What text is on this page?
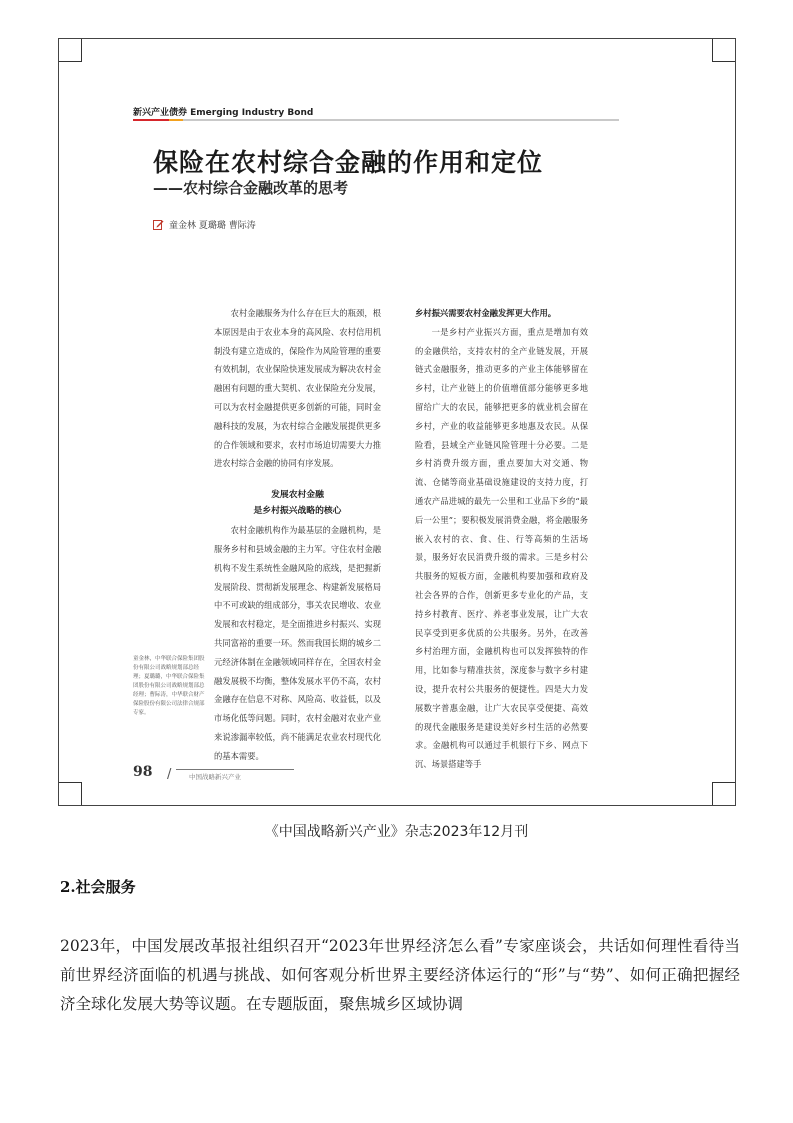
新兴产业债券 Emerging Industry Bond
保险在农村综合金融的作用和定位
——农村综合金融改革的思考
童金林 夏璐璐 曹际涛

农村金融服务为什么存在巨大的瓶颈，根本原因是由于农业本身的高风险、农村信用机制没有建立造成的，保险作为风险管理的重要有效机制，农业保险快速发展成为解决农村金融困有问题的重大契机、农业保险充分发展，可以为农村金融提供更多创新的可能，同时金融科技的发展，为农村综合金融发展提供更多的合作领域和要求，农村市场迫切需要大力推进农村综合金融的协同有序发展。

发展农村金融
是乡村振兴战略的核心

农村金融机构作为最基层的金融机构，是服务乡村和县域金融的主力军。守住农村金融机构不发生系统性金融风险的底线，是把握新发展阶段、贯彻新发展理念、构建新发展格局中不可或缺的组成部分，事关农民增收、农业发展和农村稳定，是全面推进乡村振兴、实现共同富裕的重要一环。然而我国长期的城乡二元经济体制在金融领域同样存在，全国农村金融发展极不均衡，整体发展水平仍不高，农村金融存在信息不对称、风险高、收益低，以及市场化低等问题。同时，农村金融对农业产业来说渗漏率较低，尚不能满足农业农村现代化的基本需要。

乡村振兴需要农村金融发挥更大作用。

一是乡村产业振兴方面，重点是增加有效的金融供给，支持农村的全产业链发展，开展链式金融服务，推动更多的产业主体能够留在乡村，让产业链上的价值增值部分能够更多地留给广大的农民，能够把更多的就业机会留在乡村，产业的收益能够更多地惠及农民。从保险看，县域全产业链风险管理十分必要。二是乡村消费升级方面，重点要加大对交通、物流、仓储等商业基础设施建设的支持力度，打通农产品进城的最先一公里和工业品下乡的“最后一公里”；要积极发展消费金融，将金融服务嵌入农村的衣、食、住、行等高频的生活场景，服务好农民消费升级的需求。三是乡村公共服务的短板方面，金融机构要加强和政府及社会各界的合作，创新更多专业化的产品，支持乡村教育、医疗、养老事业发展，让广大农民享受到更多优质的公共服务。另外，在改善乡村治理方面，金融机构也可以发挥独特的作用，比如参与精准扶贫，深度参与数字乡村建设，提升农村公共服务的便捷性。四是大力发展数字普惠金融，让广大农民享受便捷、高效的现代金融服务是建设美好乡村生活的必然要求。金融机构可以通过手机银行下乡、网点下沉、场景搭建等手

童金林，中华联合保险集团股份有限公司战略规划部总经理；夏璐璐，中华联合保险集团股份有限公司战略规划部总经理；曹际涛，中华联合财产保险股份有限公司法律合规部专家。
98 /	中国战略新兴产业
《中国战略新兴产业》杂志2023年12月刊
2.社会服务

2023年，中国发展改革报社组织召开“2023年世界经济怎么看”专家座谈会，共话如何理性看待当前世界经济面临的机遇与挑战、如何客观分析世界主要经济体运行的“形”与“势”、如何正确把握经济全球化发展大势等议题。在专题版面，聚焦城乡区域协调
